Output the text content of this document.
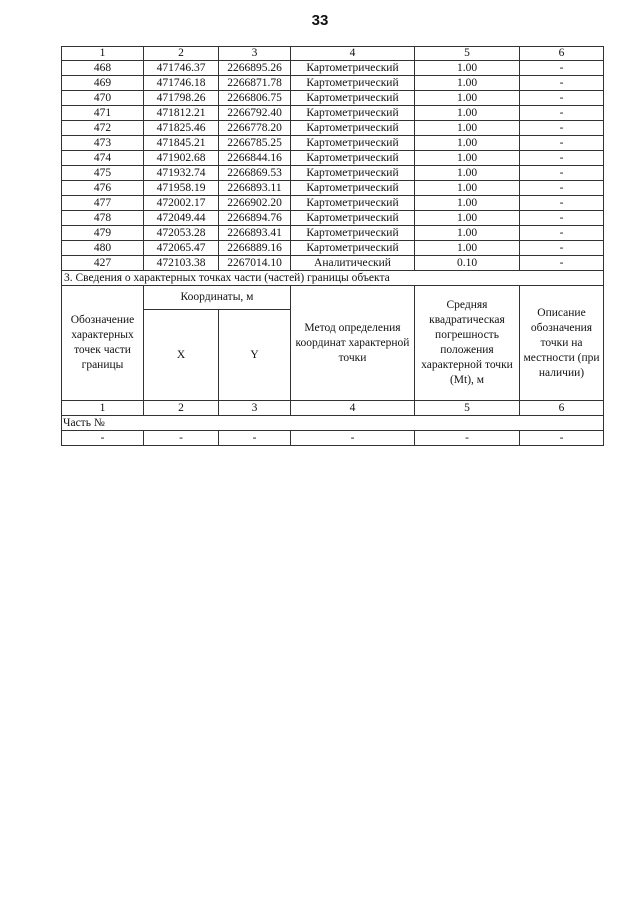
33
1	2	3	4	5	6
468	471746.37	2266895.26	Картометрический	1.00	-
469	471746.18	2266871.78	Картометрический	1.00	-
470	471798.26	2266806.75	Картометрический	1.00	-
471	471812.21	2266792.40	Картометрический	1.00	-
472	471825.46	2266778.20	Картометрический	1.00	-
473	471845.21	2266785.25	Картометрический	1.00	-
474	471902.68	2266844.16	Картометрический	1.00	-
475	471932.74	2266869.53	Картометрический	1.00	-
476	471958.19	2266893.11	Картометрический	1.00	-
477	472002.17	2266902.20	Картометрический	1.00	-
478	472049.44	2266894.76	Картометрический	1.00	-
479	472053.28	2266893.41	Картометрический	1.00	-
480	472065.47	2266889.16	Картометрический	1.00	-
427	472103.38	2267014.10	Аналитический	0.10	-
3. Сведения о характерных точках части (частей) границы объекта					
Обозначение характерных точек части границы	Координаты, м		Метод определения координат характерной точки	Средняя квадратическая погрешность положения характерной точки (Mt), м	Описание обозначения точки на местности (при наличии)
	X	Y			
1	2	3	4	5	6
Часть №					
-	-	-	-	-	-
